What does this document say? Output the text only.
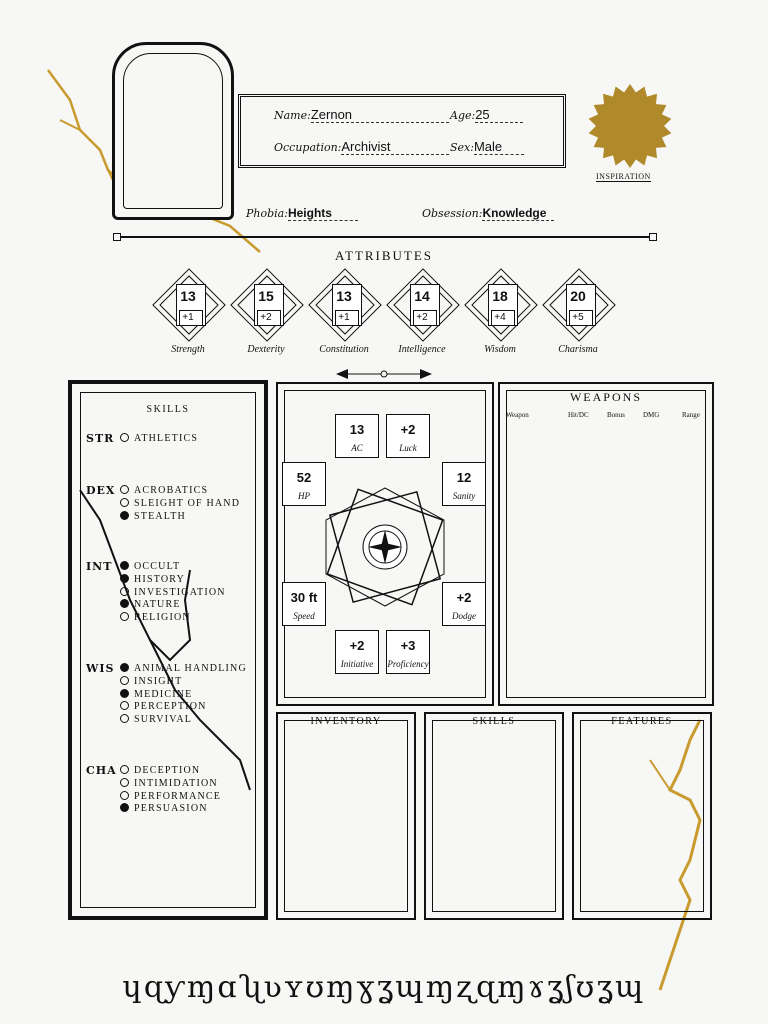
Name:Zernon	Age:25
Occupation:Archivist	Sex:Male
Phobia:Heights	Obsession:Knowledge
INSPIRATION
ATTRIBUTES
13
+1
Strength
15
+2
Dexterity
13
+1
Constitution
14
+2
Intelligence
18
+4
Wisdom
20
+5
Charisma
SKILLS
STR	ATHLETICS
DEX	ACROBATICS
SLEIGHT OF HAND
STEALTH
INT	OCCULT
HISTORY
INVESTIGATION
NATURE
RELIGION
WIS	ANIMAL HANDLING
INSIGHT
MEDICINE
PERCEPTION
SURVIVAL
CHA	DECEPTION
INTIMIDATION
PERFORMANCE
PERSUASION
13
AC
+2
Luck
52
HP
12
Sanity
30 ft
Speed
+2
Dodge
+2
Initiative
+3
Proficiency
WEAPONS
Weapon	Hit/DC	Bonus	DMG	Range
INVENTORY	SKILLS	FEATURES
ɥɋƴɱɑʯʋʏʊɱɣʓɰɱʐɋɱɤʓʃʊʓɰ
